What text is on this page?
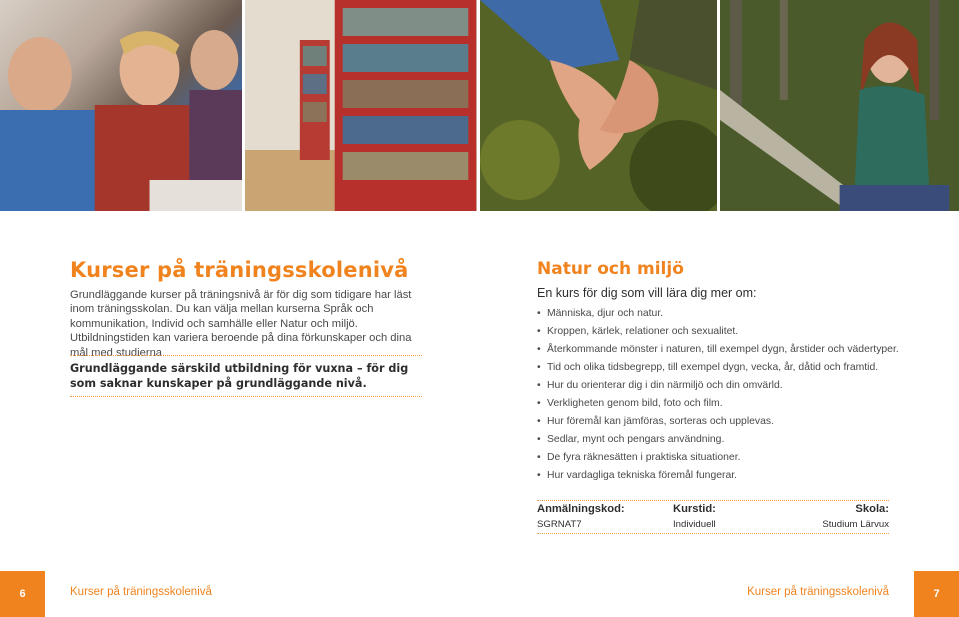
Kurser på träningsskolenivå

Grundläggande kurser på träningsnivå är för dig som tidigare har läst inom träningsskolan. Du kan välja mellan kurserna Språk och kommunikation, Individ och samhälle eller Natur och miljö. Utbildningstiden kan variera beroende på dina förkunskaper och dina mål med studierna.

Grundläggande särskild utbildning för vuxna – för dig som saknar kunskaper på grundläggande nivå.

Natur och miljö

En kurs för dig som vill lära dig mer om:

• Människa, djur och natur.
• Kroppen, kärlek, relationer och sexualitet.
• Återkommande mönster i naturen, till exempel dygn, årstider och vädertyper.
• Tid och olika tidsbegrepp, till exempel dygn, vecka, år, dåtid och framtid.
• Hur du orienterar dig i din närmiljö och din omvärld.
• Verkligheten genom bild, foto och film.
• Hur föremål kan jämföras, sorteras och upplevas.
• Sedlar, mynt och pengars användning.
• De fyra räknesätten i praktiska situationer.
• Hur vardagliga tekniska föremål fungerar.
Anmälningskod:
SGRNAT7
Kurstid:
Individuell
Skola:
Studium Lärvux
6	Kurser på träningsskolenivå	Kurser på träningsskolenivå	7
